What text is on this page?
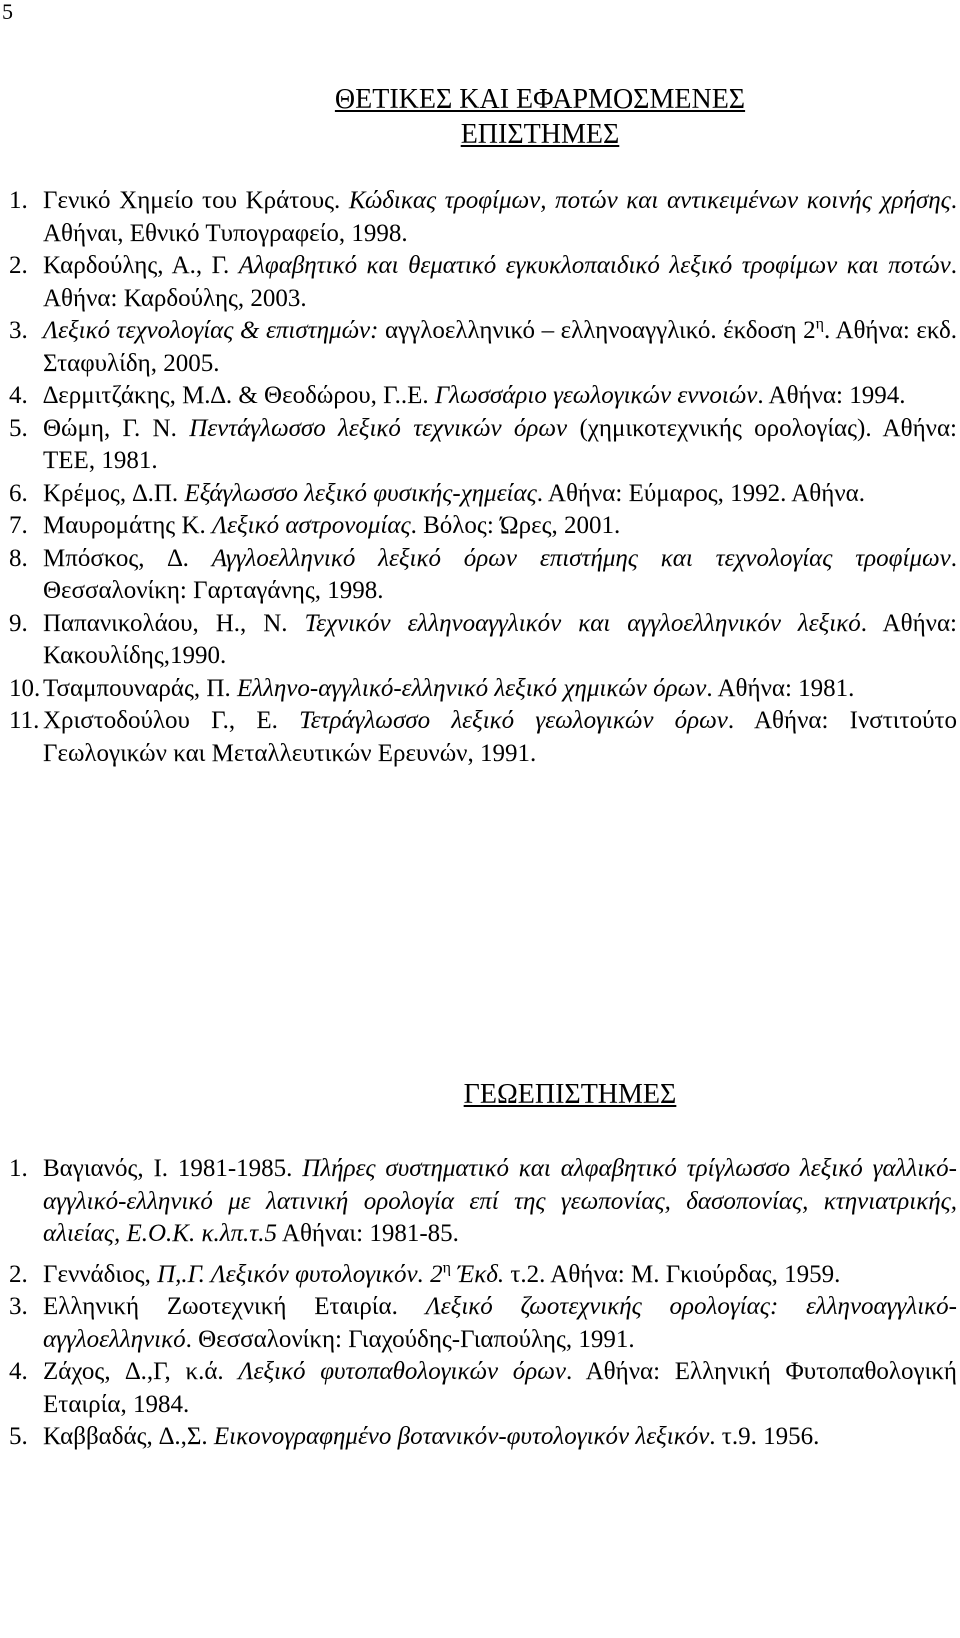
5
ΘΕΤΙΚΕΣ ΚΑΙ ΕΦΑΡΜΟΣΜΕΝΕΣ
ΕΠΙΣΤΗΜΕΣ
1. Γενικό Χημείο του Κράτους. Κώδικας τροφίμων, ποτών και αντικειμένων κοινής χρήσης. Αθήναι, Εθνικό Τυπογραφείο, 1998.
2. Καρδούλης, Α., Γ. Αλφαβητικό και θεματικό εγκυκλοπαιδικό λεξικό τροφίμων και ποτών. Αθήνα: Καρδούλης, 2003.
3. Λεξικό τεχνολογίας & επιστημών: αγγλοελληνικό – ελληνοαγγλικό. έκδοση $2^\eta$. Αθήνα: εκδ. Σταφυλίδη, 2005.
4. ∆ερμιτζάκης, Μ.∆. & Θεοδώρου, Γ..Ε. Γλωσσάριο γεωλογικών εννοιών. Αθήνα: 1994.
5. Θώμη, Γ. Ν. Πεντάγλωσσο λεξικό τεχνικών όρων (χημικοτεχνικής ορολογίας). Αθήνα: ΤΕΕ, 1981.
6. Κρέμος, ∆.Π. Εξάγλωσσο λεξικό φυσικής-χημείας. Αθήνα: Εύμαρος, 1992. Αθήνα.
7. Μαυρομάτης Κ. Λεξικό αστρονομίας. Βόλος: Ώρες, 2001.
8. Μπόσκος, ∆. Αγγλοελληνικό λεξικό όρων επιστήμης και τεχνολογίας τροφίμων. Θεσσαλονίκη: Γαρταγάνης, 1998.
9. Παπανικολάου, Η., Ν. Τεχνικόν ελληνοαγγλικόν και αγγλοελληνικόν λεξικό. Αθήνα: Κακουλίδης,1990.
10. Τσαμπουναράς, Π. Ελληνο-αγγλικό-ελληνικό λεξικό χημικών όρων. Αθήνα: 1981.
11. Χριστοδούλου Γ., Ε. Τετράγλωσσο λεξικό γεωλογικών όρων. Αθήνα: Ινστιτούτο Γεωλογικών και Μεταλλευτικών Ερευνών, 1991.
ΓΕΩΕΠΙΣΤΗΜΕΣ
1. Βαγιανός, Ι. 1981-1985. Πλήρες συστηματικό και αλφαβητικό τρίγλωσσο λεξικό γαλλικό-αγγλικό-ελληνικό με λατινική ορολογία επί της γεωπονίας, δασοπονίας, κτηνιατρικής, αλιείας, Ε.Ο.Κ. κ.λπ.τ.5 Αθήναι: 1981-85.
2. Γεννάδιος, Π,.Γ. Λεξικόν φυτολογικόν. $2^\eta$ Έκδ. τ.2. Αθήνα: Μ. Γκιούρδας, 1959.
3. Ελληνική Ζωοτεχνική Εταιρία. Λεξικό ζωοτεχνικής ορολογίας: ελληνοαγγλικό-αγγλοελληνικό. Θεσσαλονίκη: Γιαχούδης-Γιαπούλης, 1991.
4. Ζάχος, ∆.,Γ, κ.ά. Λεξικό φυτοπαθολογικών όρων. Αθήνα: Ελληνική Φυτοπαθολογική Εταιρία, 1984.
5. Καββαδάς, ∆.,Σ. Εικονογραφημένο βοτανικόν-φυτολογικόν λεξικόν. τ.9. 1956.
